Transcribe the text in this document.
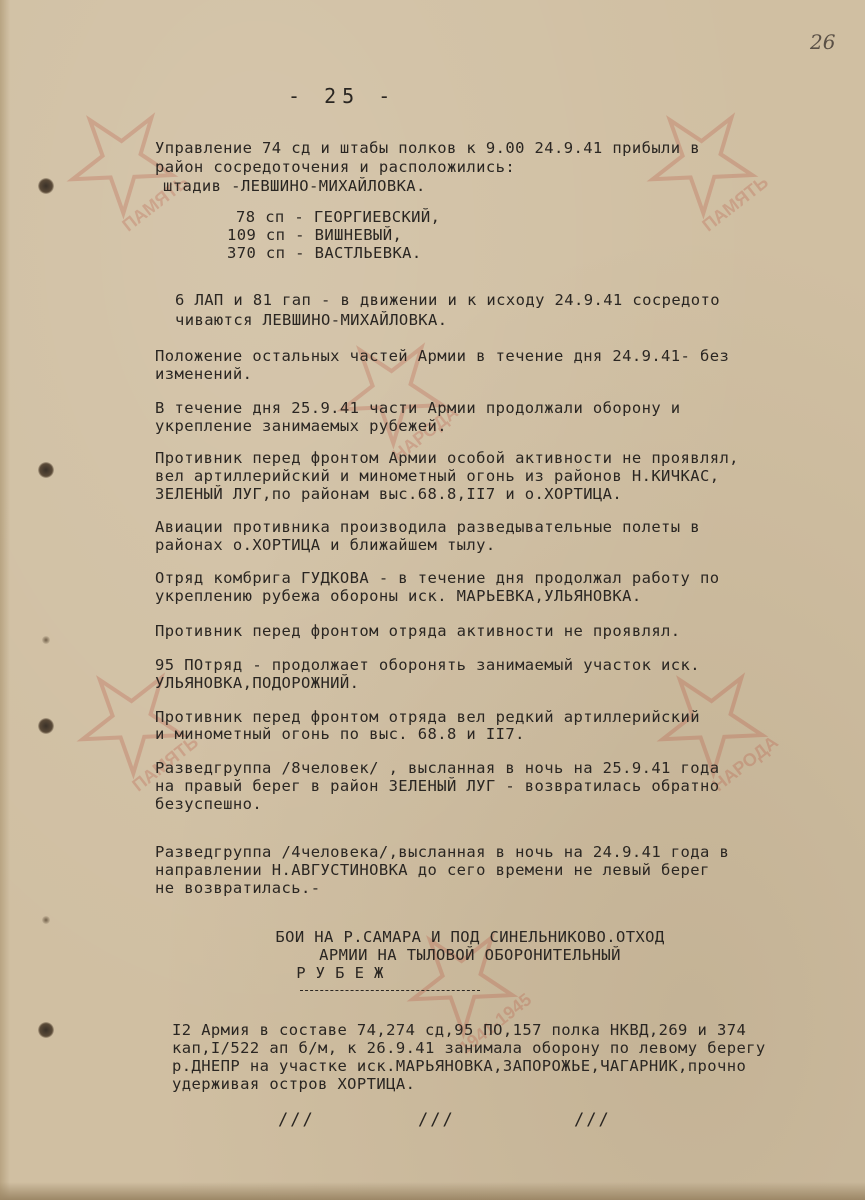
ПАМЯТЬ	ПАМЯТЬ
НАРОДА
ПАМЯТЬ	НАРОДА
1941-1945
26
- 25 -
Управление 74 сд и штабы полков к 9.00 24.9.41 прибыли в
район сосредоточения и расположились:
штадив -ЛЕВШИНО-МИХАЙЛОВКА.
78 сп - ГЕОРГИЕВСКИЙ,
109 сп - ВИШНЕВЫЙ,
370 сп - ВАСТЛЬЕВКА.
6 ЛАП и 81 гап - в движении и к исходу 24.9.41 сосредото
чиваются ЛЕВШИНО-МИХАЙЛОВКА.
Положение остальных частей Армии в течение дня 24.9.41- без
изменений.
В течение дня 25.9.41 части Армии продолжали оборону и
укрепление занимаемых рубежей.
Противник перед фронтом Армии особой активности не проявлял,
вел артиллерийский и минометный огонь из районов Н.КИЧКАС,
ЗЕЛЕНЫЙ ЛУГ,по районам выс.68.8,II7 и о.ХОРТИЦА.
Авиации противника производила разведывательные полеты в
районах о.ХОРТИЦА и ближайшем тылу.
Отряд комбрига ГУДКОВА - в течение дня продолжал работу по
укреплению рубежа обороны иск. МАРЬЕВКА,УЛЬЯНОВКА.
Противник перед фронтом отряда активности не проявлял.
95 ПОтряд - продолжает оборонять занимаемый участок иск.
УЛЬЯНОВКА,ПОДОРОЖНИЙ.
Противник перед фронтом отряда вел редкий артиллерийский
и минометный огонь по выс. 68.8 и II7.
Разведгруппа /8человек/ , высланная в ночь на 25.9.41 года
на правый берег в район ЗЕЛЕНЫЙ ЛУГ - возвратилась обратно
безуспешно.
Разведгруппа /4человека/,высланная в ночь на 24.9.41 года в
направлении Н.АВГУСТИНОВКА до сего времени не левый берег
не возвратилась.-
БОИ НА Р.САМАРА И ПОД СИНЕЛЬНИКОВО.ОТХОД
АРМИИ НА ТЫЛОВОЙ ОБОРОНИТЕЛЬНЫЙ
Р У Б Е Ж
I2 Армия в составе 74,274 сд,95 ПО,157 полка НКВД,269 и 374
кап,I/522 ап б/м, к 26.9.41 занимала оборону по левому берегу
р.ДНЕПР на участке иск.МАРЬЯНОВКА,ЗАПОРОЖЬЕ,ЧАГАРНИК,прочно
удерживая остров ХОРТИЦА.
///	///	///
